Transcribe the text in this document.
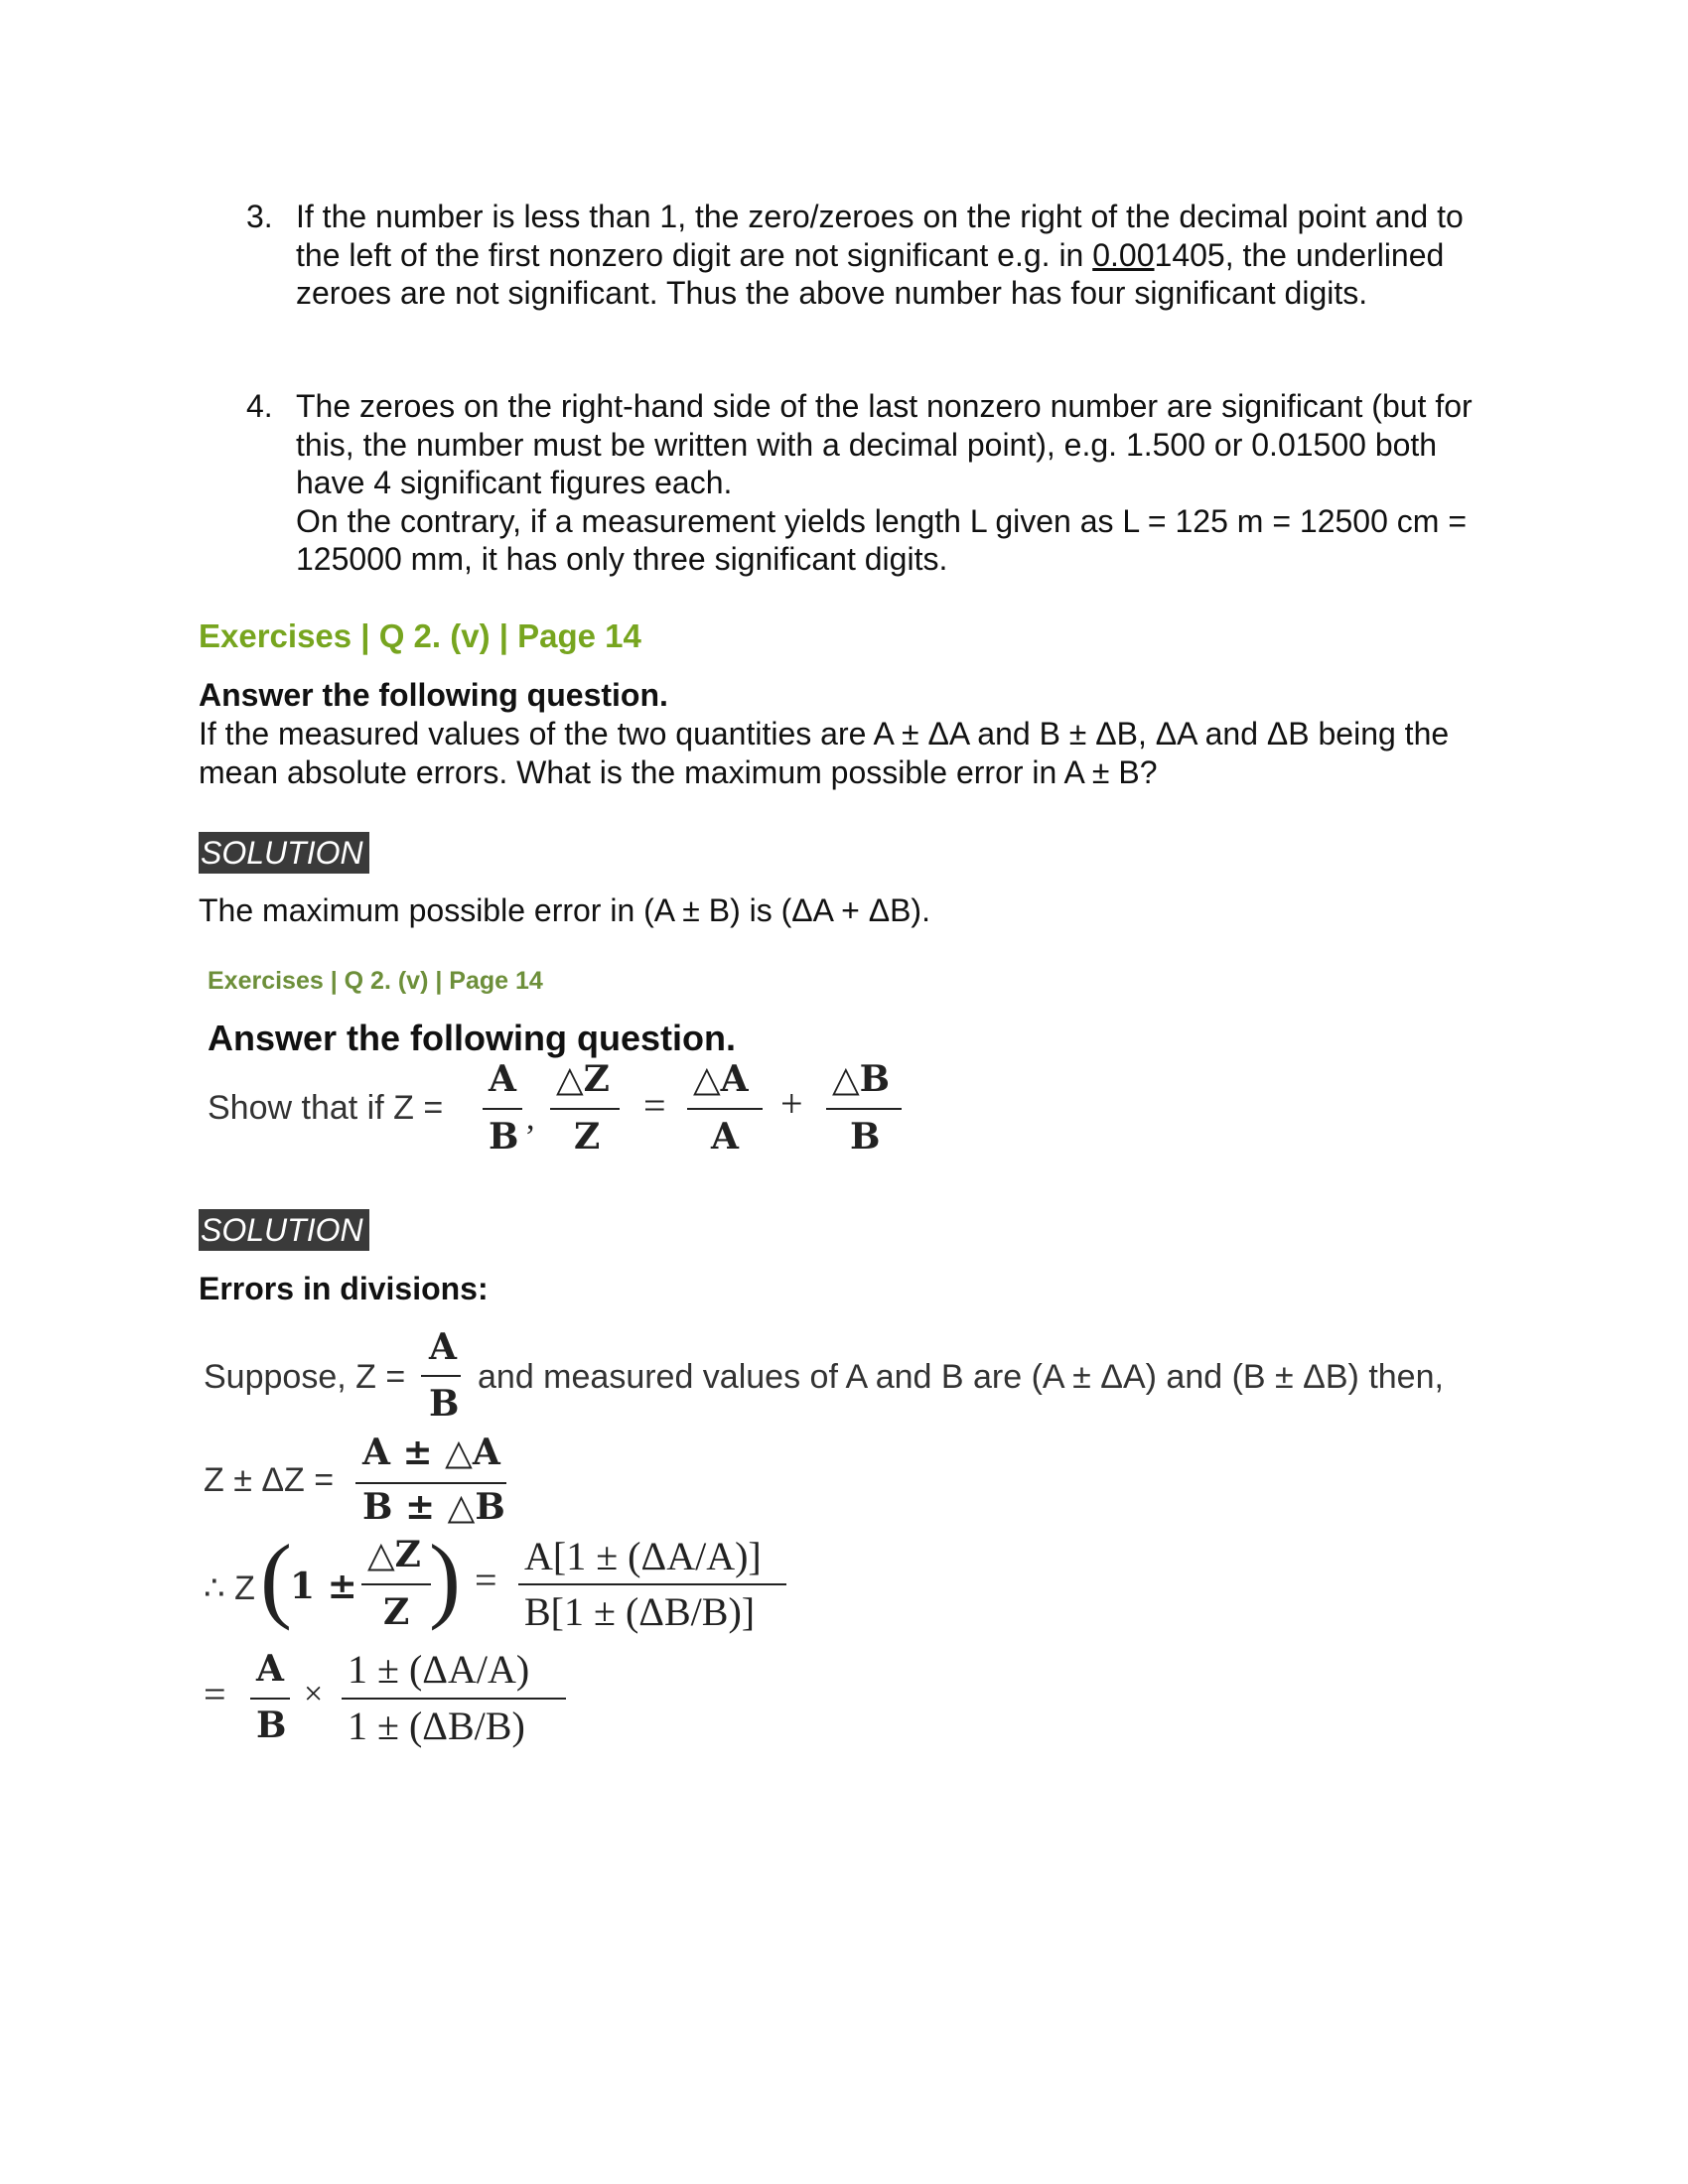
3. If the number is less than 1, the zero/zeroes on the right of the decimal point and to the left of the first nonzero digit are not significant e.g. in 0.001405, the underlined zeroes are not significant. Thus the above number has four significant digits.
4. The zeroes on the right-hand side of the last nonzero number are significant (but for this, the number must be written with a decimal point), e.g. 1.500 or 0.01500 both have 4 significant figures each.

On the contrary, if a measurement yields length L given as L = 125 m = 12500 cm = 125000 mm, it has only three significant digits.

Exercises | Q 2. (v) | Page 14
Answer the following question.
If the measured values of the two quantities are A ± ΔA and B ± ΔB, ΔA and ΔB being the mean absolute errors. What is the maximum possible error in A ± B?
SOLUTION
The maximum possible error in (A ± B) is (ΔA + ΔB).
Exercises | Q 2. (v) | Page 14
Answer the following question.
Show that if Z =
A
B ,
△Z
Z
=
△A
A
+
△B
B
SOLUTION
Errors in divisions:
Suppose, Z =
A
B
and measured values of A and B are (A ± ΔA) and (B ± ΔB) then,
Z ± ΔZ =
A ± △A
B ± △B
∴ Z (
1 ±
△Z
Z ) =
A[1 ± (ΔA/A)]
B[1 ± (ΔB/B)]
=
A
B
×
1 ± (ΔA/A)
1 ± (ΔB/B)
